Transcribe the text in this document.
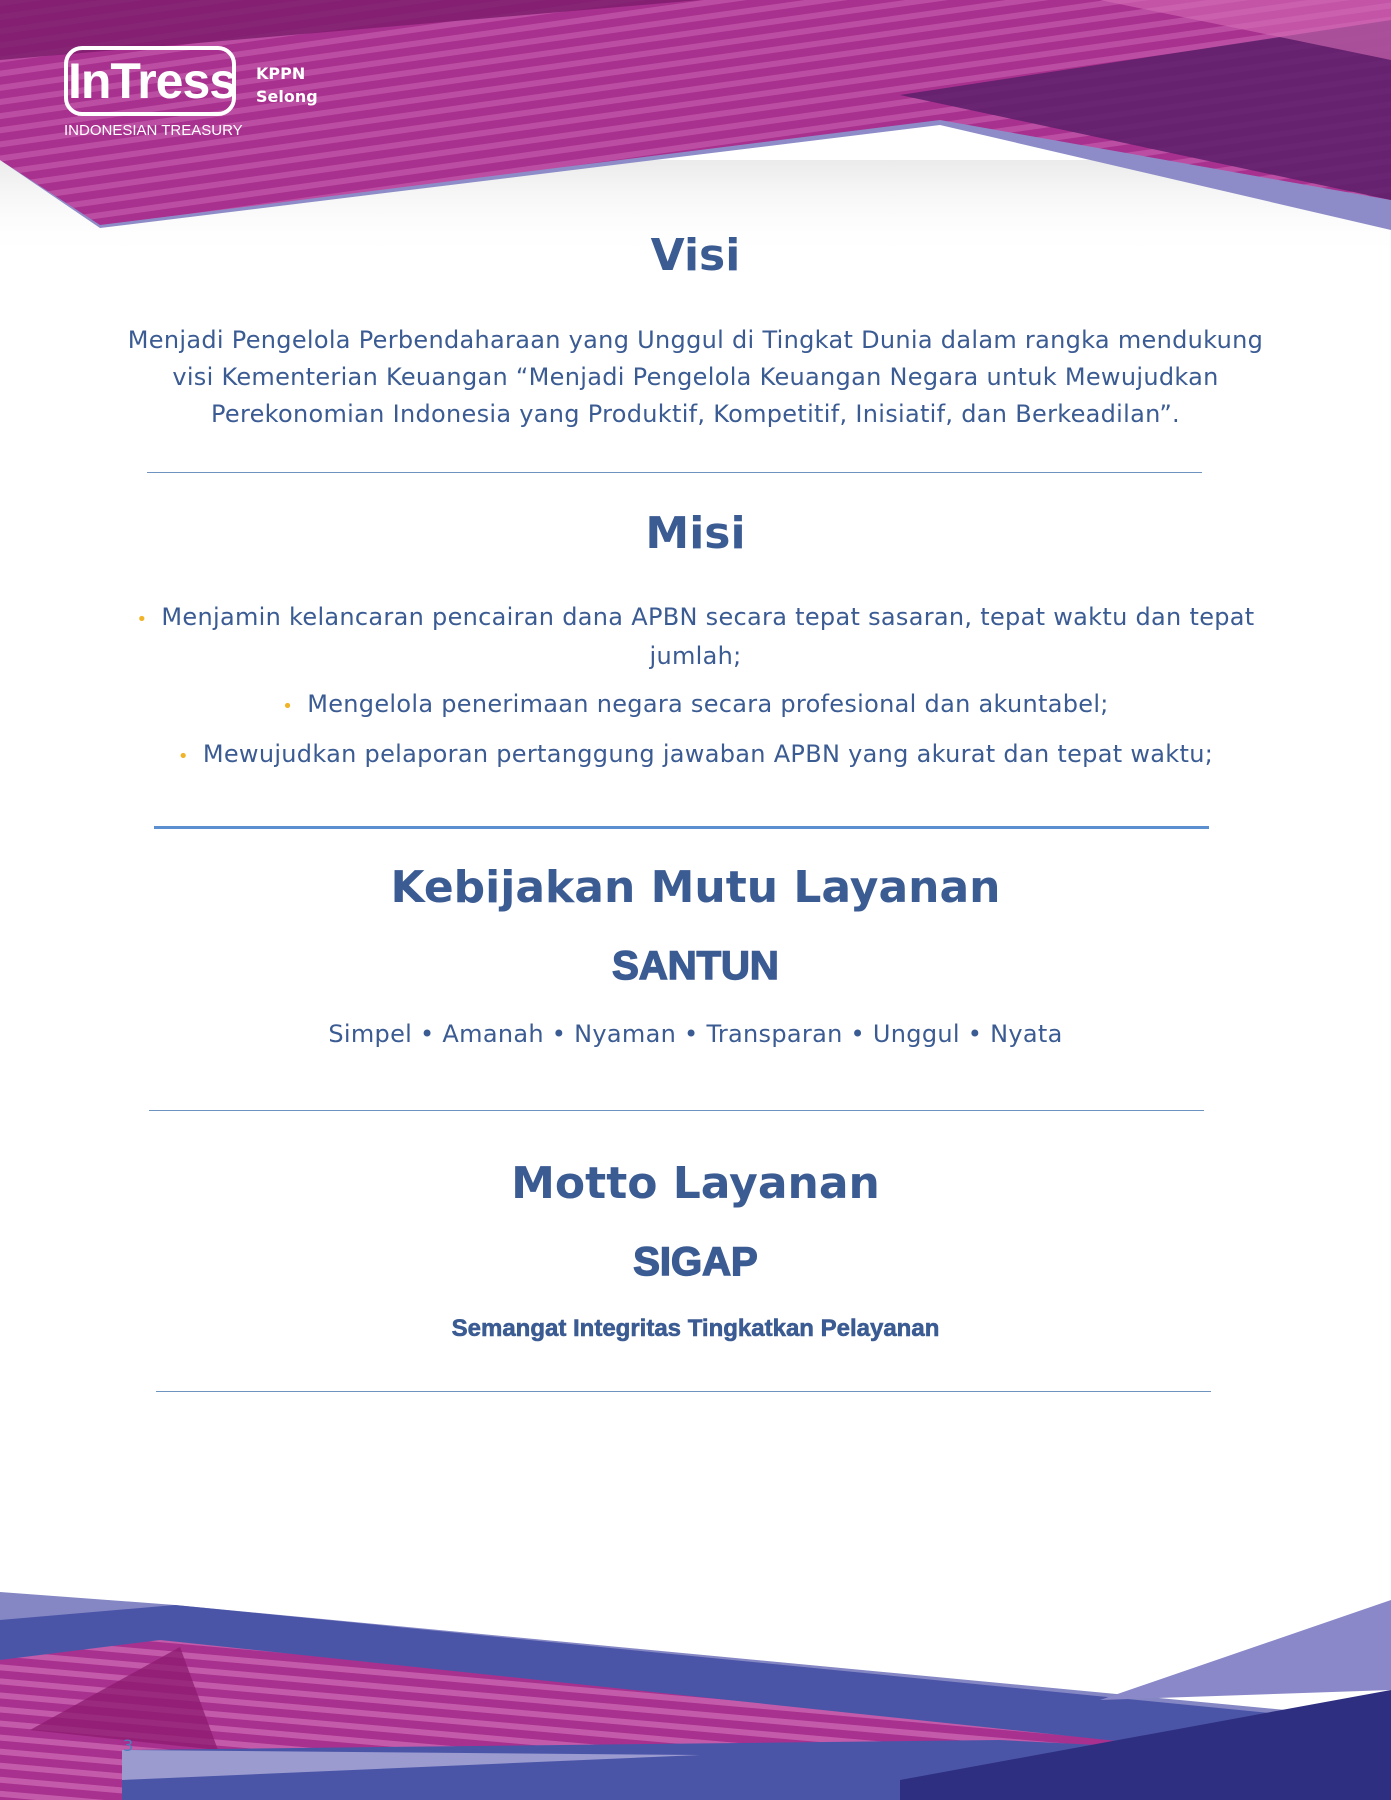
InTress
INDONESIAN TREASURY
KPPN
Selong
Visi
Menjadi Pengelola Perbendaharaan yang Unggul di Tingkat Dunia dalam rangka mendukung
visi Kementerian Keuangan “Menjadi Pengelola Keuangan Negara untuk Mewujudkan
Perekonomian Indonesia yang Produktif, Kompetitif, Inisiatif, dan Berkeadilan”.
Misi
• Menjamin kelancaran pencairan dana APBN secara tepat sasaran, tepat waktu dan tepat
jumlah;
• Mengelola penerimaan negara secara profesional dan akuntabel;
• Mewujudkan pelaporan pertanggung jawaban APBN yang akurat dan tepat waktu;
Kebijakan Mutu Layanan
SANTUN
Simpel • Amanah • Nyaman • Transparan • Unggul • Nyata
Motto Layanan
SIGAP
Semangat Integritas Tingkatkan Pelayanan
3
